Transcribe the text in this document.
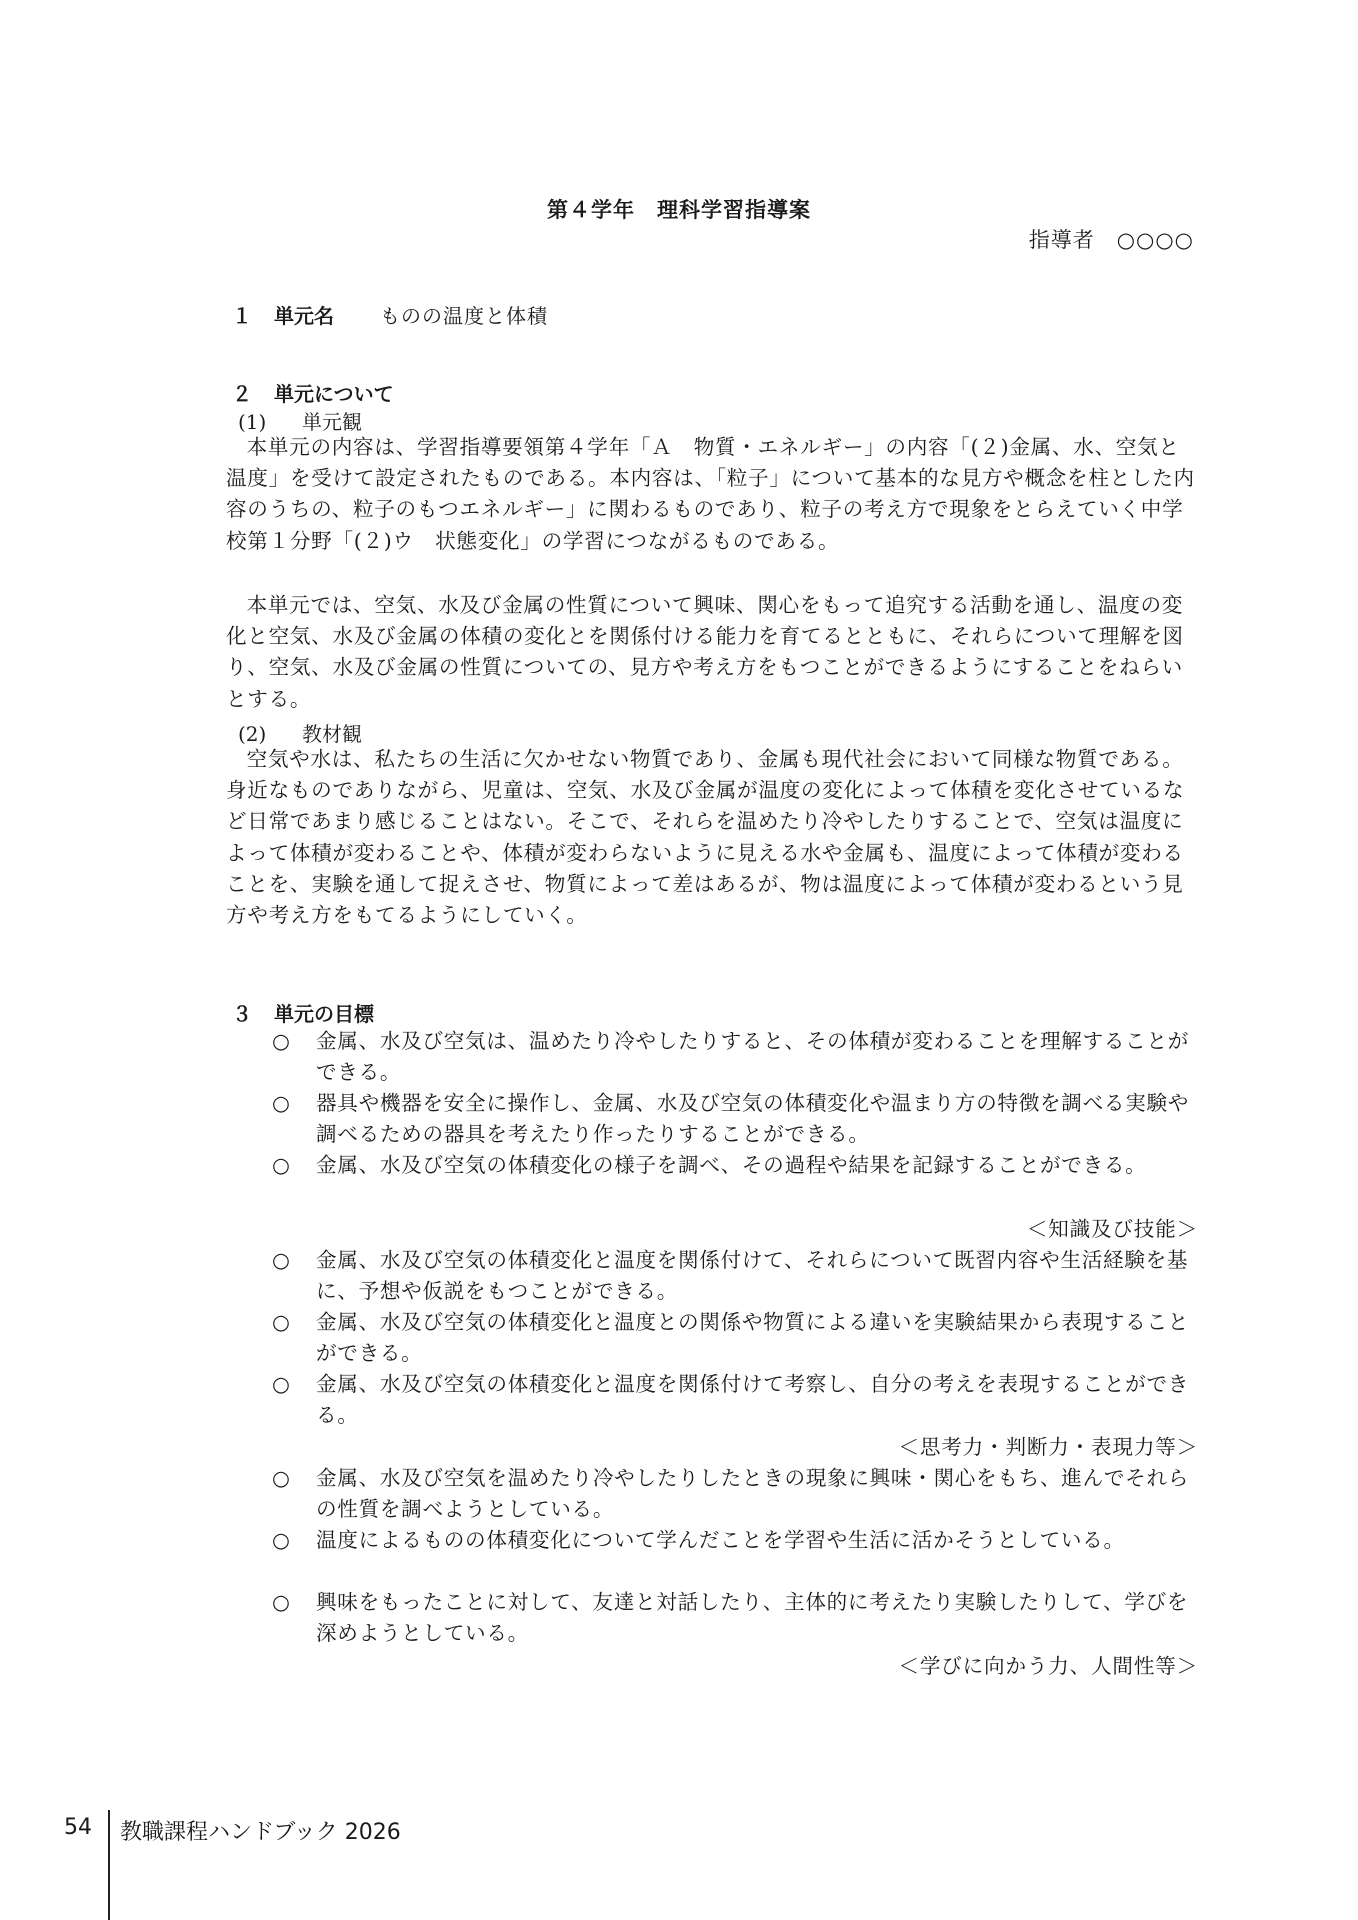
第４学年　理科学習指導案
指導者　○○○○
１ 単元名 ものの温度と体積
２ 単元について
(1) 単元観

本単元の内容は、学習指導要領第４学年「Ａ　物質・エネルギー」の内容「(２)金属、水、空気と温度」を受けて設定されたものである。本内容は、「粒子」について基本的な見方や概念を柱とした内容のうちの、粒子のもつエネルギー」に関わるものであり、粒子の考え方で現象をとらえていく中学校第１分野「(２)ウ　状態変化」の学習につながるものである。

本単元では、空気、水及び金属の性質について興味、関心をもって追究する活動を通し、温度の変化と空気、水及び金属の体積の変化とを関係付ける能力を育てるとともに、それらについて理解を図り、空気、水及び金属の性質についての、見方や考え方をもつことができるようにすることをねらいとする。

(2) 教材観

空気や水は、私たちの生活に欠かせない物質であり、金属も現代社会において同様な物質である。身近なものでありながら、児童は、空気、水及び金属が温度の変化によって体積を変化させているなど日常であまり感じることはない。そこで、それらを温めたり冷やしたりすることで、空気は温度によって体積が変わることや、体積が変わらないように見える水や金属も、温度によって体積が変わることを、実験を通して捉えさせ、物質によって差はあるが、物は温度によって体積が変わるという見方や考え方をもてるようにしていく。

３ 単元の目標
○	金属、水及び空気は、温めたり冷やしたりすると、その体積が変わることを理解することができる。
○	器具や機器を安全に操作し、金属、水及び空気の体積変化や温まり方の特徴を調べる実験や調べるための器具を考えたり作ったりすることができる。
○	金属、水及び空気の体積変化の様子を調べ、その過程や結果を記録することができる。
＜知識及び技能＞
○	金属、水及び空気の体積変化と温度を関係付けて、それらについて既習内容や生活経験を基に、予想や仮説をもつことができる。
○	金属、水及び空気の体積変化と温度との関係や物質による違いを実験結果から表現することができる。
○	金属、水及び空気の体積変化と温度を関係付けて考察し、自分の考えを表現することができる。
＜思考力・判断力・表現力等＞
○	金属、水及び空気を温めたり冷やしたりしたときの現象に興味・関心をもち、進んでそれらの性質を調べようとしている。
○	温度によるものの体積変化について学んだことを学習や生活に活かそうとしている。
○	興味をもったことに対して、友達と対話したり、主体的に考えたり実験したりして、学びを深めようとしている。
＜学びに向かう力、人間性等＞
54 教職課程ハンドブック 2026
